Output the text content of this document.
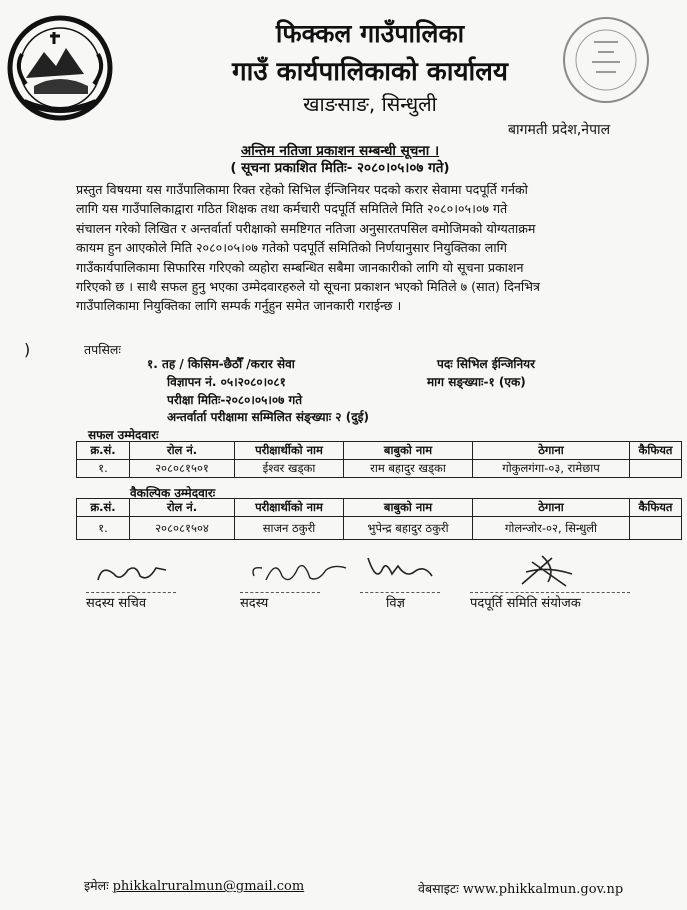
फिक्कल गाउँपालिका
गाउँ कार्यपालिकाको कार्यालय
खाङसाङ, सिन्धुली
बागमती प्रदेश,नेपाल
अन्तिम नतिजा प्रकाशन सम्बन्धी सूचना ।
( सूचना प्रकाशित मितिः- २०८०।०५।०७ गते)
प्रस्तुत विषयमा यस गाउँपालिकामा रिक्त रहेको सिभिल ईन्जिनियर पदको करार सेवामा पदपूर्ति गर्नको
लागि यस गाउँपालिकाद्वारा गठित शिक्षक तथा कर्मचारी पदपूर्ति समितिले मिति २०८०।०५।०७ गते
संचालन गरेको लिखित र अन्तर्वार्ता परीक्षाको समष्टिगत नतिजा अनुसारतपसिल वमोजिमको योग्यताक्रम
कायम हुन आएकोले मिति २०८०।०५।०७ गतेको पदपूर्ति समितिको निर्णयानुसार नियुक्तिका लागि
गाउँकार्यपालिकामा सिफारिस गरिएको व्यहोरा सम्बन्धित सबैमा जानकारीको लागि यो सूचना प्रकाशन
गरिएको छ । साथै सफल हुनु भएका उम्मेदवारहरुले यो सूचना प्रकाशन भएको मितिले ७ (सात) दिनभित्र
गाउँपालिकामा नियुक्तिका लागि सम्पर्क गर्नुहुन समेत जानकारी गराईन्छ ।
)	तपसिलः
१. तह / किसिम-छैठौँ /करार सेवा
विज्ञापन नं. ०५।२०८०।०८१
परीक्षा मितिः-२०८०।०५।०७ गते
अन्तर्वार्ता परीक्षामा सम्मिलित संङ्ख्याः २ (दुई)
पदः सिभिल ईन्जिनियर
माग सङ्ख्याः-१ (एक)
सफल उम्मेदवारः
क्र.सं.	रोल नं.	परीक्षार्थीको नाम	बाबुको नाम	ठेगाना	कैफियत
१.	२०८०८१५०१	ईश्वर खड्का	राम बहादुर खड्का	गोकुलगंगा-०३, रामेछाप	
वैकल्पिक उम्मेदवारः
क्र.सं.	रोल नं.	परीक्षार्थीको नाम	बाबुको नाम	ठेगाना	कैफियत
१.	२०८०८१५०४	साजन ठकुरी	भुपेन्द्र बहादुर ठकुरी	गोलन्जोर-०२, सिन्धुली	
सदस्य सचिव	सदस्य	विज्ञ	पदपूर्ति समिति संयोजक
इमेलः phikkalruralmun@gmail.com	वेबसाइटः www.phikkalmun.gov.np
